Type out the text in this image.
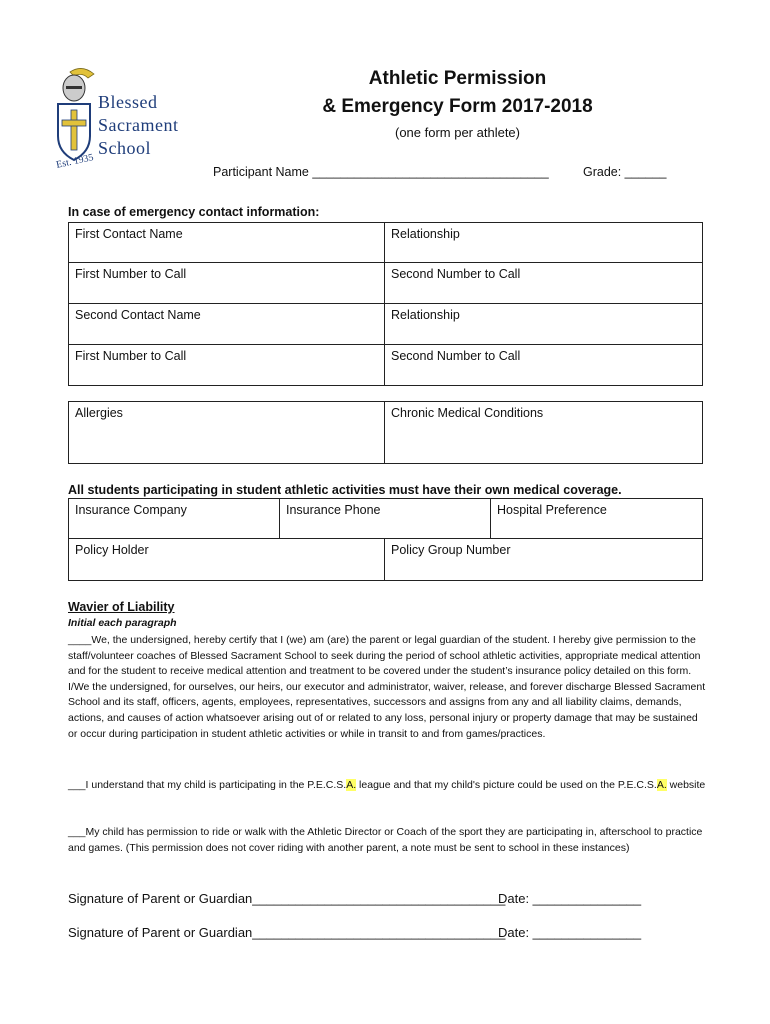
Blessed
Sacrament
School
Est. 1935
Athletic Permission
& Emergency Form 2017-2018
(one form per athlete)
Participant Name __________________________________	Grade: ______
In case of emergency contact information:
First Contact Name	Relationship
First Number to Call	Second Number to Call
Second Contact Name	Relationship
First Number to Call	Second Number to Call
Allergies	Chronic Medical Conditions
All students participating in student athletic activities must have their own medical coverage.
Insurance Company	Insurance Phone	Hospital Preference
Policy Holder	Policy Group Number
Wavier of Liability
Initial each paragraph
____We, the undersigned, hereby certify that I (we) am (are) the parent or legal guardian of the student. I hereby give permission to the staff/volunteer coaches of Blessed Sacrament School to seek during the period of school athletic activities, appropriate medical attention and for the student to receive medical attention and treatment to be covered under the student’s insurance policy detailed on this form. I/We the undersigned, for ourselves, our heirs, our executor and administrator, waiver, release, and forever discharge Blessed Sacrament School and its staff, officers, agents, employees, representatives, successors and assigns from any and all liability claims, demands, actions, and causes of action whatsoever arising out of or related to any loss, personal injury or property damage that may be sustained or occur during participation in student athletic activities or while in transit to and from games/practices.
___I understand that my child is participating in the P.E.C.S.A. league and that my child's picture could be used on the P.E.C.S.A. website
___My child has permission to ride or walk with the Athletic Director or Coach of the sport they are participating in, afterschool to practice and games. (This permission does not cover riding with another parent, a note must be sent to school in these instances)
Signature of Parent or Guardian___________________________________
Date: _______________
Signature of Parent or Guardian___________________________________
Date: _______________
